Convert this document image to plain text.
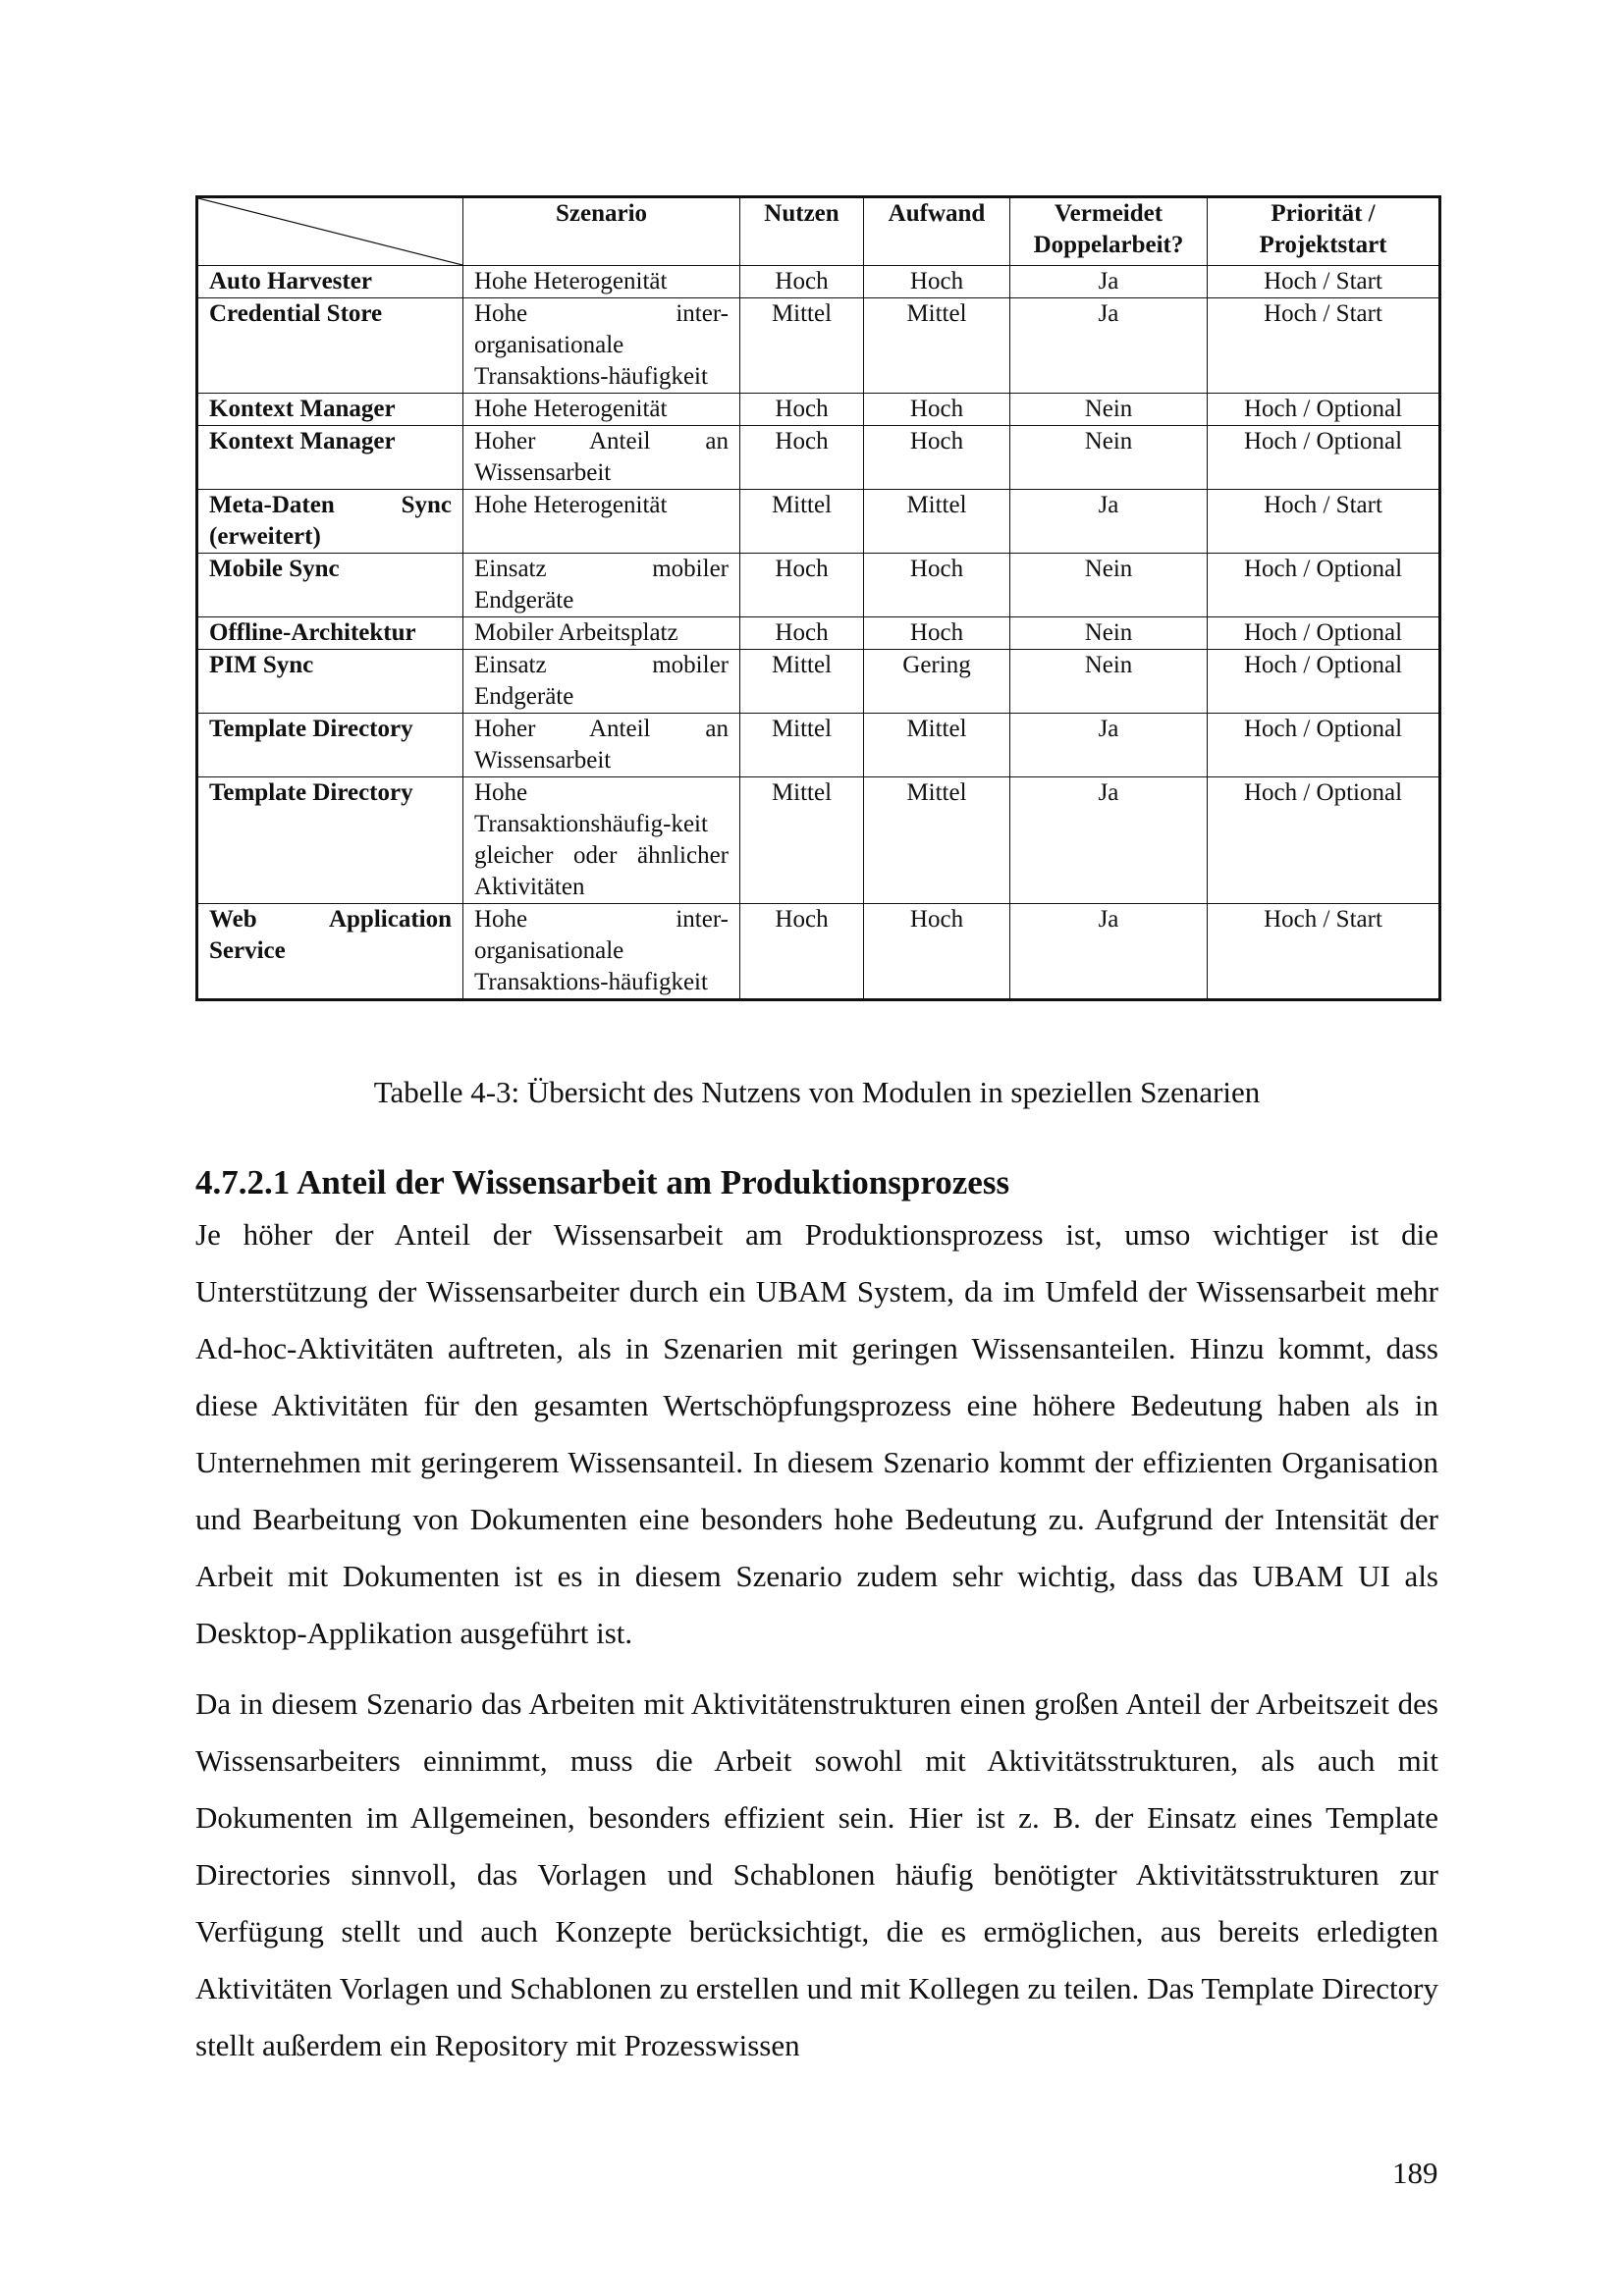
	Szenario	Nutzen	Aufwand	Vermeidet Doppelarbeit?	Priorität / Projektstart
Auto Harvester	Hohe Heterogenität	Hoch	Hoch	Ja	Hoch / Start
Credential Store	Hohe inter-organisationale Transaktions-häufigkeit	Mittel	Mittel	Ja	Hoch / Start
Kontext Manager	Hohe Heterogenität	Hoch	Hoch	Nein	Hoch / Optional
Kontext Manager	Hoher Anteil an Wissensarbeit	Hoch	Hoch	Nein	Hoch / Optional
Meta-Daten Sync (erweitert)	Hohe Heterogenität	Mittel	Mittel	Ja	Hoch / Start
Mobile Sync	Einsatz mobiler Endgeräte	Hoch	Hoch	Nein	Hoch / Optional
Offline-Architektur	Mobiler Arbeitsplatz	Hoch	Hoch	Nein	Hoch / Optional
PIM Sync	Einsatz mobiler Endgeräte	Mittel	Gering	Nein	Hoch / Optional
Template Directory	Hoher Anteil an Wissensarbeit	Mittel	Mittel	Ja	Hoch / Optional
Template Directory	Hohe Transaktionshäufig-keit gleicher oder ähnlicher Aktivitäten	Mittel	Mittel	Ja	Hoch / Optional
Web Application Service	Hohe inter-organisationale Transaktions-häufigkeit	Hoch	Hoch	Ja	Hoch / Start
Tabelle 4-3: Übersicht des Nutzens von Modulen in speziellen Szenarien
4.7.2.1 Anteil der Wissensarbeit am Produktionsprozess

Je höher der Anteil der Wissensarbeit am Produktionsprozess ist, umso wichtiger ist die Unterstützung der Wissensarbeiter durch ein UBAM System, da im Umfeld der Wissensarbeit mehr Ad-hoc-Aktivitäten auftreten, als in Szenarien mit geringen Wissensanteilen. Hinzu kommt, dass diese Aktivitäten für den gesamten Wertschöpfungsprozess eine höhere Bedeutung haben als in Unternehmen mit geringerem Wissensanteil. In diesem Szenario kommt der effizienten Organisation und Bearbeitung von Dokumenten eine besonders hohe Bedeutung zu. Aufgrund der Intensität der Arbeit mit Dokumenten ist es in diesem Szenario zudem sehr wichtig, dass das UBAM UI als Desktop-Applikation ausgeführt ist.

Da in diesem Szenario das Arbeiten mit Aktivitätenstrukturen einen großen Anteil der Arbeitszeit des Wissensarbeiters einnimmt, muss die Arbeit sowohl mit Aktivitätsstrukturen, als auch mit Dokumenten im Allgemeinen, besonders effizient sein. Hier ist z. B. der Einsatz eines Template Directories sinnvoll, das Vorlagen und Schablonen häufig benötigter Aktivitätsstrukturen zur Verfügung stellt und auch Konzepte berücksichtigt, die es ermöglichen, aus bereits erledigten Aktivitäten Vorlagen und Schablonen zu erstellen und mit Kollegen zu teilen. Das Template Directory stellt außerdem ein Repository mit Prozesswissen

189
